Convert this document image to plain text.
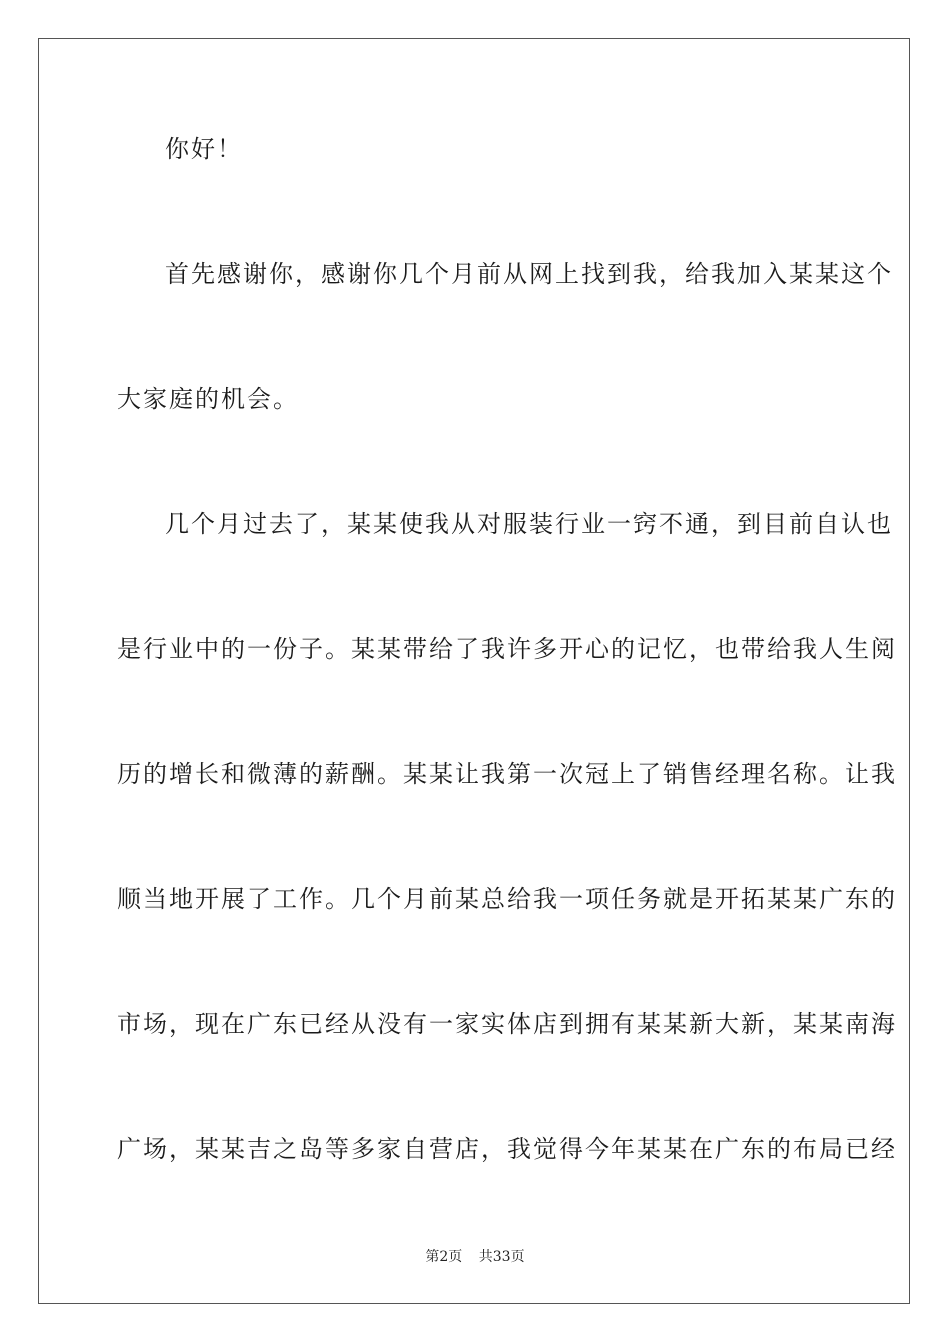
你好！
首先感谢你，感谢你几个月前从网上找到我，给我加入某某这个
大家庭的机会。
几个月过去了，某某使我从对服装行业一窍不通，到目前自认也
是行业中的一份子。某某带给了我许多开心的记忆，也带给我人生阅
历的增长和微薄的薪酬。某某让我第一次冠上了销售经理名称。让我
顺当地开展了工作。几个月前某总给我一项任务就是开拓某某广东的
市场，现在广东已经从没有一家实体店到拥有某某新大新，某某南海
广场，某某吉之岛等多家自营店，我觉得今年某某在广东的布局已经
第2页 共33页
